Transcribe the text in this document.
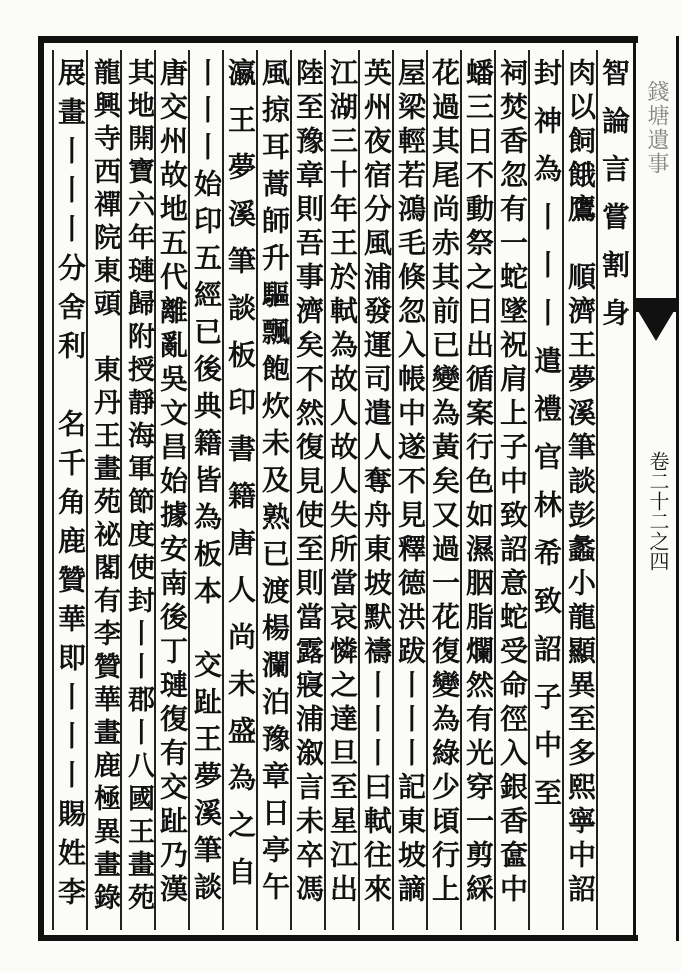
錢塘遺事
卷二十二之四
智論言嘗割身
肉以飼餓鷹　順濟王夢溪筆談彭蠡小龍顯異至多熙寧中詔
封神為丨丨丨遣禮官林希致詔子中至
祠焚香忽有一蛇墜祝肩上子中致詔意蛇受命徑入銀香奩中
蟠三日不動祭之日出循案行色如濕胭脂爛然有光穿一剪綵
花過其尾尚赤其前已變為黃矣又過一花復變為綠少頃行上
屋梁輕若鴻毛倏忽入帳中遂不見釋德洪跋丨丨丨記東坡謫
英州夜宿分風浦發運司遣人奪舟東坡默禱丨丨丨曰軾往來
江湖三十年王於軾為故人故人失所當哀憐之達旦至星江出
陸至豫章則吾事濟矣不然復見使至則當露寢浦溆言未卒馮
風掠耳蒿師升驅飄飽炊未及熟已渡楊瀾泊豫章日亭午
瀛王夢溪筆談板印書籍唐人尚未盛為之自
丨丨丨始印五經已後典籍皆為板本　交趾王夢溪筆談
唐交州故地五代離亂吳文昌始據安南後丁璉復有交趾乃漢
其地開寶六年璉歸附授靜海軍節度使封丨丨郡丨八國王畫苑
龍興寺西禪院東頭　東丹王畫苑祕閣有李贊華畫鹿極異畫錄
展畫丨丨丨分舍利　名千角鹿贊華即丨丨丨賜姓李
